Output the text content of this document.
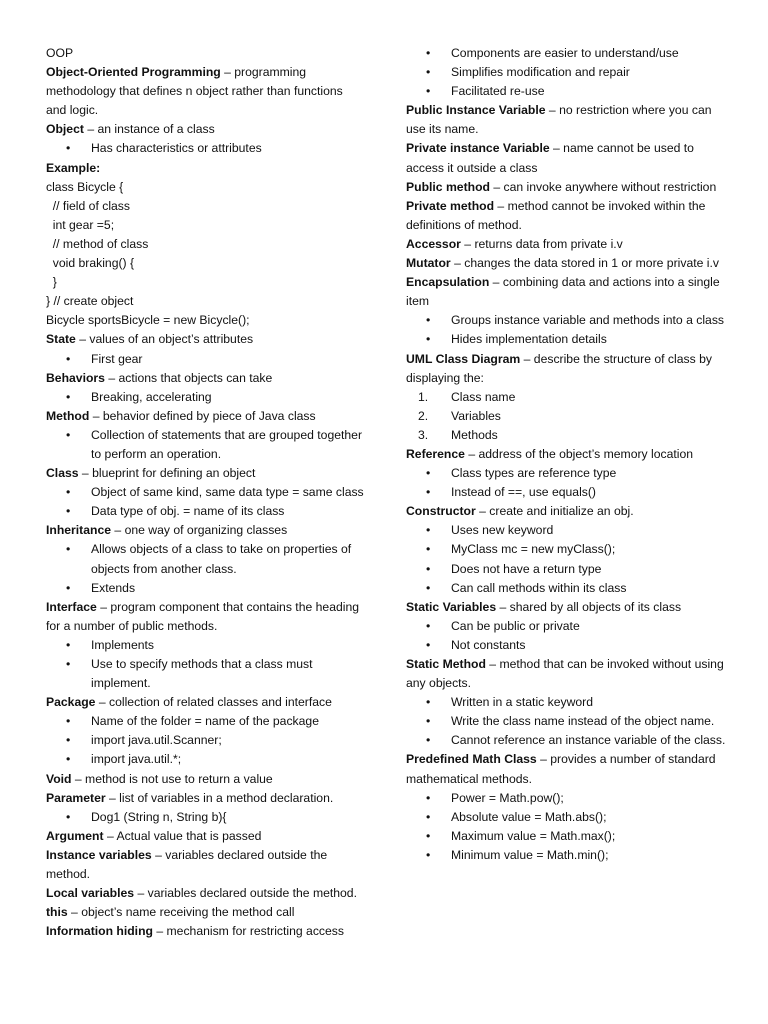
OOP
Object-Oriented Programming – programming methodology that defines n object rather than functions and logic.
Object – an instance of a class
• Has characteristics or attributes
Example:
class Bicycle {
// field of class
int gear =5;
// method of class
void braking() {
}
} // create object
Bicycle sportsBicycle = new Bicycle();
State – values of an object’s attributes
• First gear
Behaviors – actions that objects can take
• Breaking, accelerating
Method – behavior defined by piece of Java class
• Collection of statements that are grouped together to perform an operation.
Class – blueprint for defining an object
• Object of same kind, same data type = same class
• Data type of obj. = name of its class
Inheritance – one way of organizing classes
• Allows objects of a class to take on properties of objects from another class.
• Extends
Interface – program component that contains the heading for a number of public methods.
• Implements
• Use to specify methods that a class must implement.
Package – collection of related classes and interface
• Name of the folder = name of the package
• import java.util.Scanner;
• import java.util.*;
Void – method is not use to return a value
Parameter – list of variables in a method declaration.
• Dog1 (String n, String b){
Argument – Actual value that is passed
Instance variables – variables declared outside the method.
Local variables – variables declared outside the method.
this – object’s name receiving the method call
Information hiding – mechanism for restricting access
• Components are easier to understand/use
• Simplifies modification and repair
• Facilitated re-use
Public Instance Variable – no restriction where you can use its name.
Private instance Variable – name cannot be used to access it outside a class
Public method – can invoke anywhere without restriction
Private method – method cannot be invoked within the definitions of method.
Accessor – returns data from private i.v
Mutator – changes the data stored in 1 or more private i.v
Encapsulation – combining data and actions into a single item
• Groups instance variable and methods into a class
• Hides implementation details
UML Class Diagram – describe the structure of class by displaying the:
1. Class name
2. Variables
3. Methods
Reference – address of the object’s memory location
• Class types are reference type
• Instead of ==, use equals()
Constructor – create and initialize an obj.
• Uses new keyword
• MyClass mc = new myClass();
• Does not have a return type
• Can call methods within its class
Static Variables – shared by all objects of its class
• Can be public or private
• Not constants
Static Method – method that can be invoked without using any objects.
• Written in a static keyword
• Write the class name instead of the object name.
• Cannot reference an instance variable of the class.
Predefined Math Class – provides a number of standard mathematical methods.
• Power = Math.pow();
• Absolute value = Math.abs();
• Maximum value = Math.max();
• Minimum value = Math.min();
